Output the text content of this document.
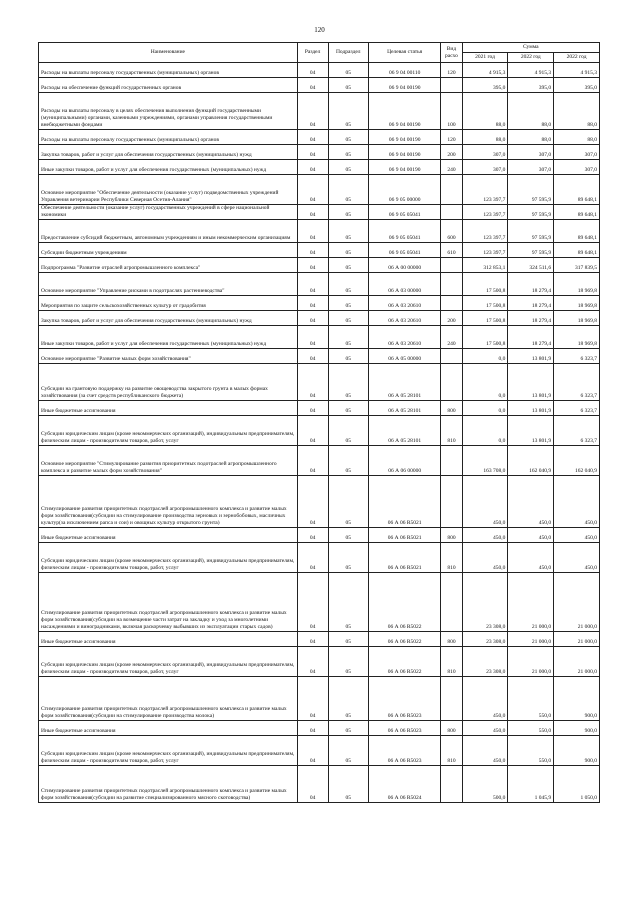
120
Наименование	Раздел	Подраздел	Целевая статья	Вид расхо	Сумма		
					2021 год	2022 год	2022 год
Расходы на выплаты персоналу государственных (муниципальных) органов	04	05	06 9 04 00110	120	4 915,3	4 915,3	4 915,3
Расходы на обеспечение функций государственных органов	04	05	06 9 04 00190		395,0	395,0	395,0
Расходы на выплаты персоналу в целях обеспечения выполнения функций государственными (муниципальными) органами, казенными учреждениями, органами управления государственными внебюджетными фондами	04	05	06 9 04 00190	100	88,0	88,0	88,0
Расходы на выплаты персоналу государственных (муниципальных) органов	04	05	06 9 04 00190	120	88,0	88,0	88,0
Закупка товаров, работ и услуг для обеспечения государственных (муниципальных) нужд	04	05	06 9 04 00190	200	307,0	307,0	307,0
Иные закупки товаров, работ и услуг для обеспечения государственных (муниципальных) нужд	04	05	06 9 04 00190	240	307,0	307,0	307,0
Основное мероприятие "Обеспечение деятельности (оказание услуг) подведомственных учреждений Управления ветеринарии Республики Северная Осетия-Алания"	04	05	06 9 05 00000		123 397,7	97 595,9	89 648,1
Обеспечение деятельности (оказание услуг) государственных учреждений в сфере национальной экономики	04	05	06 9 05 05041		123 397,7	97 595,9	89 648,1
Предоставление субсидий бюджетным, автономным учреждениям и иным некоммерческим организациям	04	05	06 9 05 05041	600	123 397,7	97 595,9	89 648,1
Субсидии бюджетным учреждениям	04	05	06 9 05 05041	610	123 397,7	97 595,9	89 648,1
Подпрограмма "Развитие отраслей агропромышленного комплекса"	04	05	06 А 00 00000		312 853,1	324 511,6	317 839,5
Основное мероприятие "Управление рисками в подотраслях растениеводства"	04	05	06 А 03 00000		17 500,8	18 279,4	18 969,8
Мероприятия по защите сельскохозяйственных культур от градобития	04	05	06 А 03 20610		17 500,8	18 279,4	18 969,8
Закупка товаров, работ и услуг для обеспечения государственных (муниципальных) нужд	04	05	06 А 03 20610	200	17 500,8	18 279,4	18 969,8
Иные закупки товаров, работ и услуг для обеспечения государственных (муниципальных) нужд	04	05	06 А 03 20610	240	17 500,8	18 279,4	18 969,8
Основное мероприятие "Развитие малых форм хозяйствования"	04	05	06 А 05 00000		0,0	13 801,9	6 323,7
Субсидии на грантовую поддержку на развитие овощеводства закрытого грунта в малых формах хозяйствования (за счет средств республиканского бюджета)	04	05	06 А 05 28101		0,0	13 801,9	6 323,7
Иные бюджетные ассигнования	04	05	06 А 05 28101	800	0,0	13 801,9	6 323,7
Субсидии юридическим лицам (кроме некоммерческих организаций), индивидуальным предпринимателям, физическим лицам - производителям товаров, работ, услуг	04	05	06 А 05 28101	810	0,0	13 801,9	6 323,7
Основное мероприятие "Стимулирование развития приоритетных подотраслей агропромышленного комплекса и развитие малых форм хозяйствования"	04	05	06 А 06 00000		163 708,0	162 040,9	162 040,9
Стимулирование развития приоритетных подотраслей агропромышленного комплекса и развитие малых форм хозяйствования(субсидии на стимулирование производства зерновых и зернобобовых, масличных культур(за исключением рапса и сои) и овощных культур открытого грунта)	04	05	06 А 06 R5021		450,0	450,0	450,0
Иные бюджетные ассигнования	04	05	06 А 06 R5021	800	450,0	450,0	450,0
Субсидии юридическим лицам (кроме некоммерческих организаций), индивидуальным предпринимателям, физическим лицам - производителям товаров, работ, услуг	04	05	06 А 06 R5021	810	450,0	450,0	450,0
Стимулирование развития приоритетных подотраслей агропромышленного комплекса и развитие малых форм хозяйствования(субсидии на возмещение части затрат на закладку и уход за многолетними насаждениями и виноградниками, включая раскорчевку выбывших из эксплуатации старых садов)	04	05	06 А 06 R5022		23 308,0	21 000,0	21 000,0
Иные бюджетные ассигнования	04	05	06 А 06 R5022	800	23 308,0	21 000,0	21 000,0
Субсидии юридическим лицам (кроме некоммерческих организаций), индивидуальным предпринимателям, физическим лицам - производителям товаров, работ, услуг	04	05	06 А 06 R5022	810	23 308,0	21 000,0	21 000,0
Стимулирование развития приоритетных подотраслей агропромышленного комплекса и развитие малых форм хозяйствования(субсидии на стимулирование производства молока)	04	05	06 А 06 R5023		450,0	550,0	900,0
Иные бюджетные ассигнования	04	05	06 А 06 R5023	800	450,0	550,0	900,0
Субсидии юридическим лицам (кроме некоммерческих организаций), индивидуальным предпринимателям, физическим лицам - производителям товаров, работ, услуг	04	05	06 А 06 R5023	810	450,0	550,0	900,0
Стимулирование развития приоритетных подотраслей агропромышленного комплекса и развитие малых форм хозяйствования(субсидии на развитие специализированного мясного скотоводства)	04	05	06 А 06 R5024		500,0	1 045,9	1 050,0
